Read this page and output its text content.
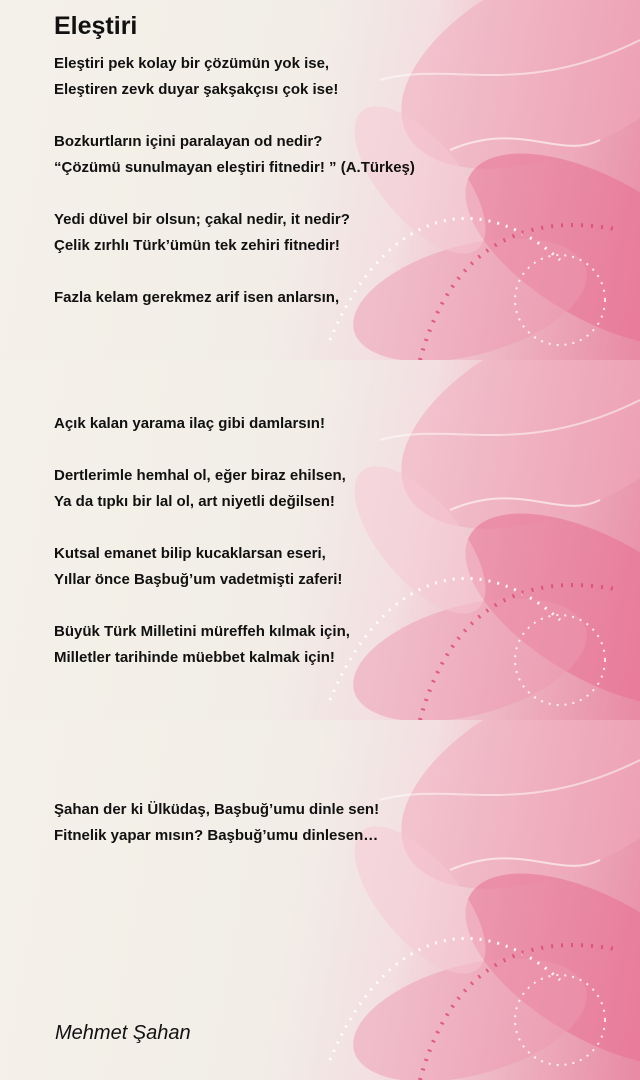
Eleştiri
Eleştiri pek kolay bir çözümün yok ise,
Eleştiren zevk duyar şakşakçısı çok ise!
Bozkurtların içini paralayan od nedir?
“Çözümü sunulmayan eleştiri fitnedir! ” (A.Türkeş)
Yedi düvel bir olsun; çakal nedir, it nedir?
Çelik zırhlı Türk’ümün tek zehiri fitnedir!
Fazla kelam gerekmez arif isen anlarsın,
Açık kalan yarama ilaç gibi damlarsın!
Dertlerimle hemhal ol, eğer biraz ehilsen,
Ya da tıpkı bir lal ol, art niyetli değilsen!
Kutsal emanet bilip kucaklarsan eseri,
Yıllar önce Başbuğ’um vadetmişti zaferi!
Büyük Türk Milletini müreffeh kılmak için,
Milletler tarihinde müebbet kalmak için!
Şahan der ki Ülküdaş, Başbuğ’umu dinle sen!
Fitnelik yapar mısın? Başbuğ’umu dinlesen…
Mehmet Şahan
